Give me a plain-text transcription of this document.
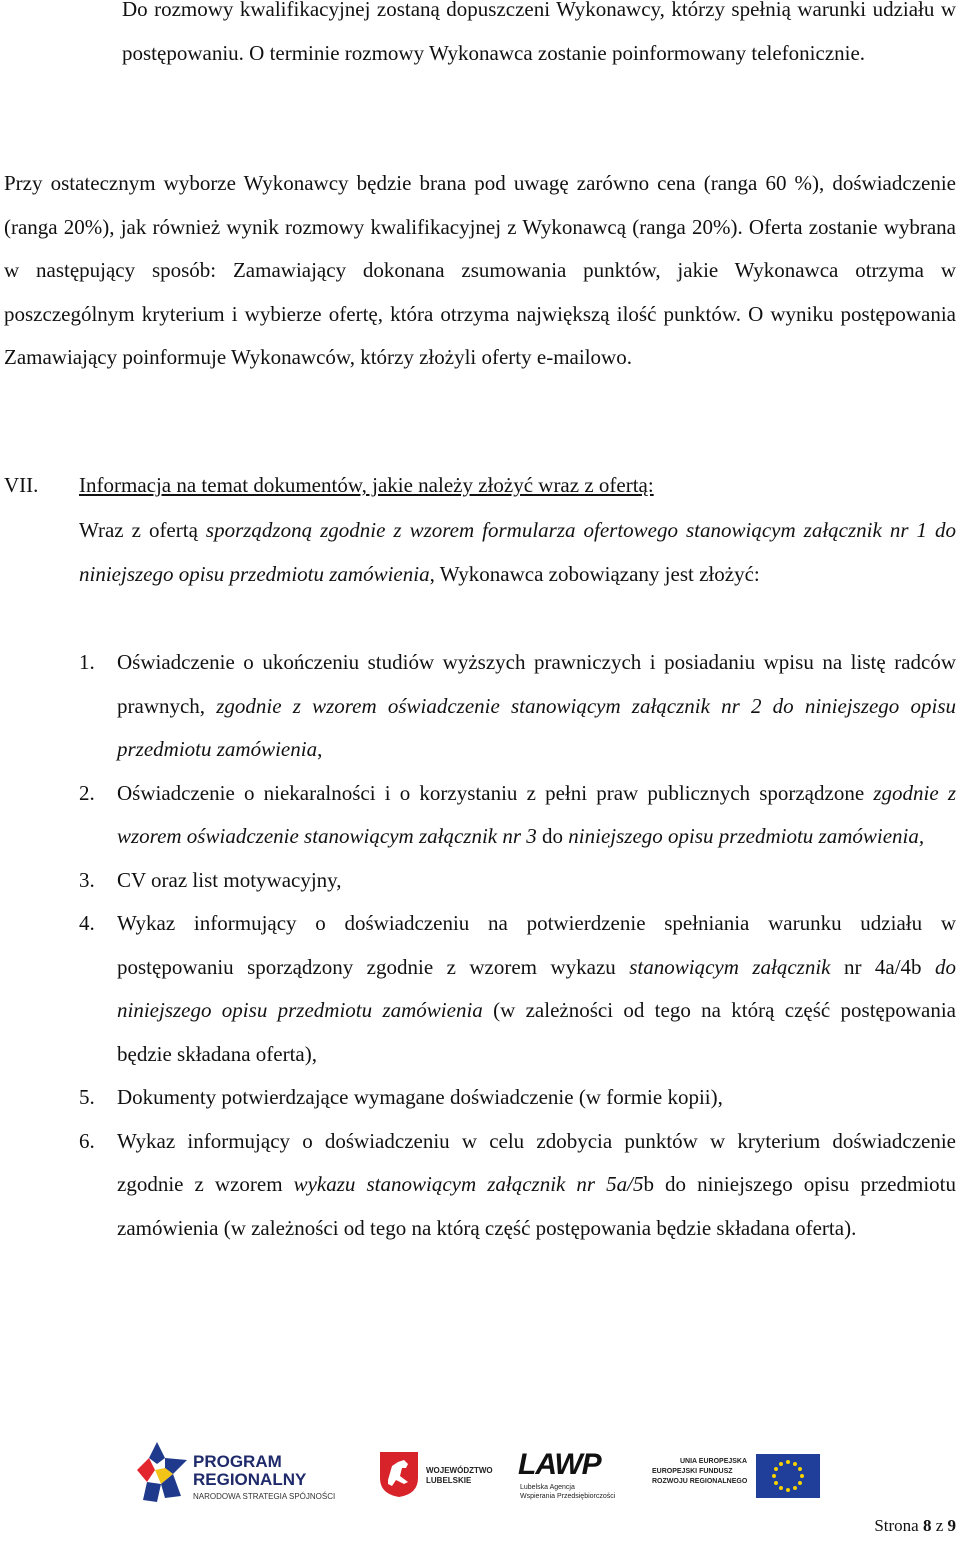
Do rozmowy kwalifikacyjnej zostaną dopuszczeni Wykonawcy, którzy spełnią warunki udziału w postępowaniu. O terminie rozmowy Wykonawca zostanie poinformowany telefonicznie.
Przy ostatecznym wyborze Wykonawcy będzie brana pod uwagę zarówno cena (ranga 60 %), doświadczenie (ranga 20%), jak również wynik rozmowy kwalifikacyjnej z Wykonawcą (ranga 20%). Oferta zostanie wybrana w następujący sposób: Zamawiający dokonana zsumowania punktów, jakie Wykonawca otrzyma w poszczególnym kryterium i wybierze ofertę, która otrzyma największą ilość punktów. O wyniku postępowania Zamawiający poinformuje Wykonawców, którzy złożyli oferty e-mailowo.
VII. Informacja na temat dokumentów, jakie należy złożyć wraz z ofertą:
Wraz z ofertą sporządzoną zgodnie z wzorem formularza ofertowego stanowiącym załącznik nr 1 do niniejszego opisu przedmiotu zamówienia, Wykonawca zobowiązany jest złożyć:
1. Oświadczenie o ukończeniu studiów wyższych prawniczych i posiadaniu wpisu na listę radców prawnych, zgodnie z wzorem oświadczenie stanowiącym załącznik nr 2 do niniejszego opisu przedmiotu zamówienia,
2. Oświadczenie o niekaralności i o korzystaniu z pełni praw publicznych sporządzone zgodnie z wzorem oświadczenie stanowiącym załącznik nr 3 do niniejszego opisu przedmiotu zamówienia,
3. CV oraz list motywacyjny,
4. Wykaz informujący o doświadczeniu na potwierdzenie spełniania warunku udziału w postępowaniu sporządzony zgodnie z wzorem wykazu stanowiącym załącznik nr 4a/4b do niniejszego opisu przedmiotu zamówienia (w zależności od tego na którą część postępowania będzie składana oferta),
5. Dokumenty potwierdzające wymagane doświadczenie (w formie kopii),
6. Wykaz informujący o doświadczeniu w celu zdobycia punktów w kryterium doświadczenie zgodnie z wzorem wykazu stanowiącym załącznik nr 5a/5b do niniejszego opisu przedmiotu zamówienia (w zależności od tego na którą część postępowania będzie składana oferta).
PROGRAM
REGIONALNY
NARODOWA STRATEGIA SPÓJNOŚCI
WOJEWÓDZTWO
LUBELSKIE LAWP
Lubelska Agencja
Wspierania Przedsiębiorczości
UNIA EUROPEJSKA
EUROPEJSKI FUNDUSZ
ROZWOJU REGIONALNEGO
Strona 8 z 9
